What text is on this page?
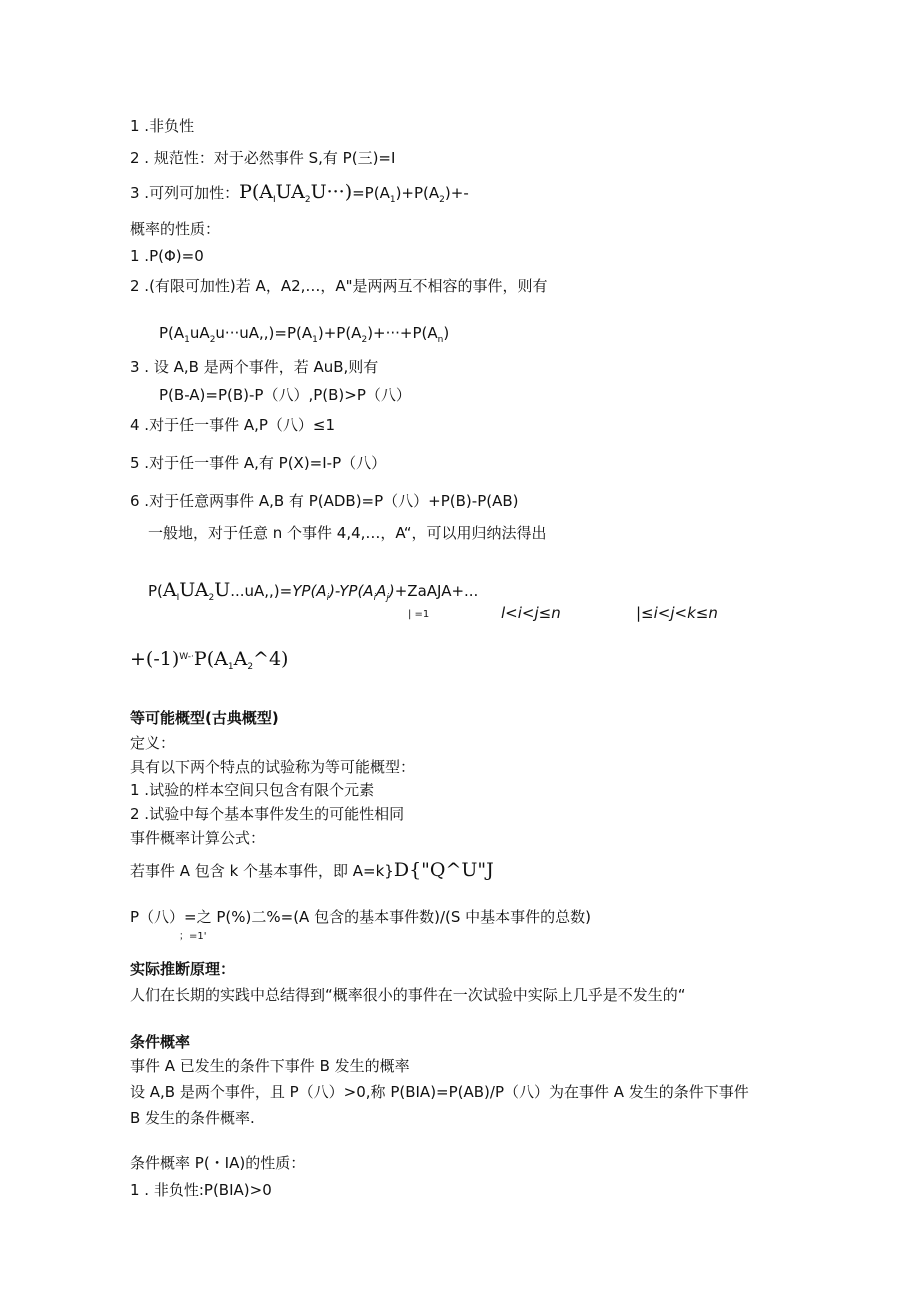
1 .非负性
2 . 规范性：对于必然事件 S,有 P(三)=I
3 .可列可加性：$P(A_IUA_2U\cdot\cdot\cdot)=P(A_1)+P(A_2)+-$
概率的性质：
1 .P(Φ)=0
2 .(有限可加性)若 A，A2,…，A"是两两互不相容的事件，则有
$P(A_1uA_2u\cdot\cdot\cdot uA,,)=P(A_1)+P(A_2)+\cdot\cdot\cdot+P(A_n)$
3 . 设 A,B 是两个事件，若 AuB,则有
P(B-A)=P(B)-P（八）,P(B)>P（八）
4 .对于任一事件 A,P（八）≤1
5 .对于任一事件 A,有 P(X)=I-P（八）
6 .对于任意两事件 A,B 有 P(ADB)=P（八）+P(B)-P(AB)
一般地，对于任意 n 个事件 4,4,…，A“，可以用归纳法得出
$P(A_IUA_2U...uA,,)=YP(A_i)-YP(A_iA_j)+ZaAJA+$...
| =1	l<i<j≤n	|≤i<j<k≤n
$+(-1)^{W-\cdot}P(A_1A_2\^{}4)$
等可能概型(古典概型)
定义：
具有以下两个特点的试验称为等可能概型：
1 .试验的样本空间只包含有限个元素
2 .试验中每个基本事件发生的可能性相同
事件概率计算公式：
若事件 A 包含 k 个基本事件，即 A=k}D{"Q^U"J
P（八）=之 P(%)二%=(A 包含的基本事件数)/(S 中基本事件的总数)
；=1'
实际推断原理：
人们在长期的实践中总结得到“概率很小的事件在一次试验中实际上几乎是不发生的“
条件概率
事件 A 已发生的条件下事件 B 发生的概率
设 A,B 是两个事件，且 P（八）>0,称 P(BIA)=P(AB)/P（八）为在事件 A 发生的条件下事件
B 发生的条件概率.
条件概率 P(・IA)的性质：
1 . 非负性:P(BIA)>0
